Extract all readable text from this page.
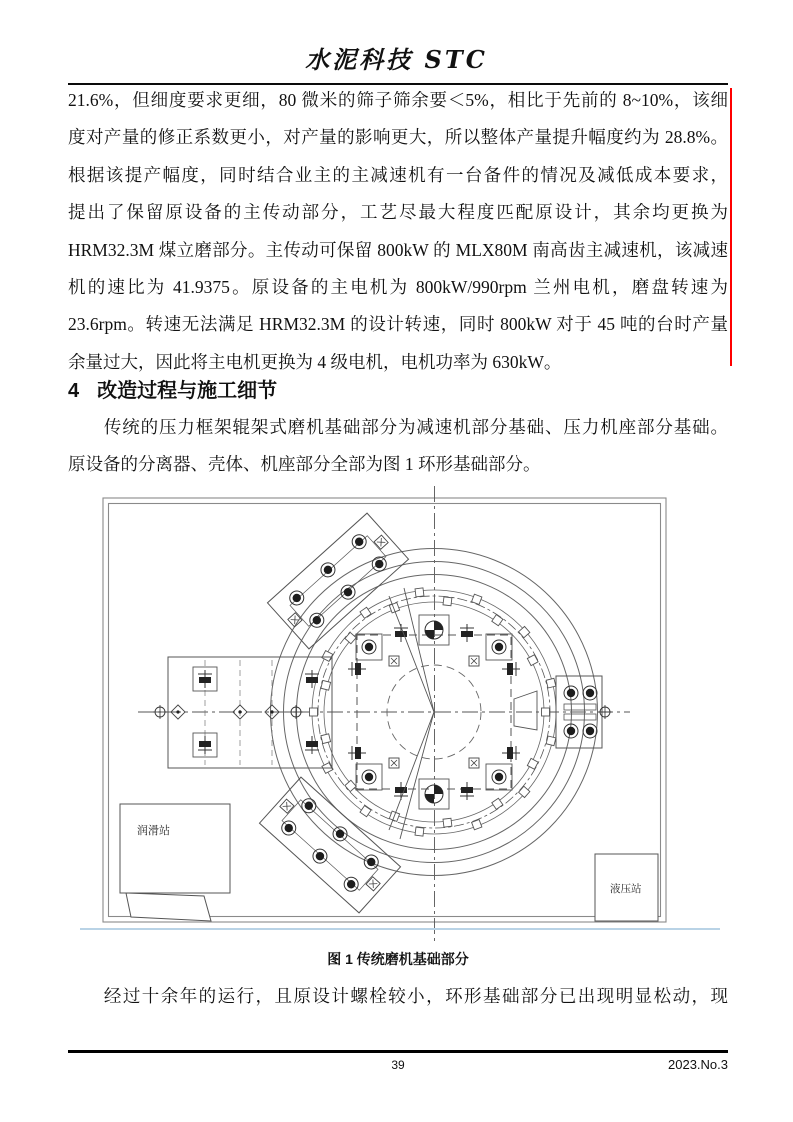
水泥科技 STC
21.6%，但细度要求更细，80 微米的筛子筛余要＜5%，相比于先前的 8~10%，该细
度对产量的修正系数更小，对产量的影响更大，所以整体产量提升幅度约为 28.8%。
根据该提产幅度，同时结合业主的主减速机有一台备件的情况及减低成本要求，
提出了保留原设备的主传动部分，工艺尽最大程度匹配原设计，其余均更换为
HRM32.3M 煤立磨部分。主传动可保留 800kW 的 MLX80M 南高齿主减速机，该减速
机的速比为 41.9375。原设备的主电机为 800kW/990rpm 兰州电机，磨盘转速为
23.6rpm。转速无法满足 HRM32.3M 的设计转速，同时 800kW 对于 45 吨的台时产量
余量过大，因此将主电机更换为 4 级电机，电机功率为 630kW。
4 改造过程与施工细节
传统的压力框架辊架式磨机基础部分为减速机部分基础、压力机座部分基础。
原设备的分离器、壳体、机座部分全部为图 1 环形基础部分。
润滑站
液压站
图 1 传统磨机基础部分
经过十余年的运行，且原设计螺栓较小，环形基础部分已出现明显松动，现
39	2023.No.3
